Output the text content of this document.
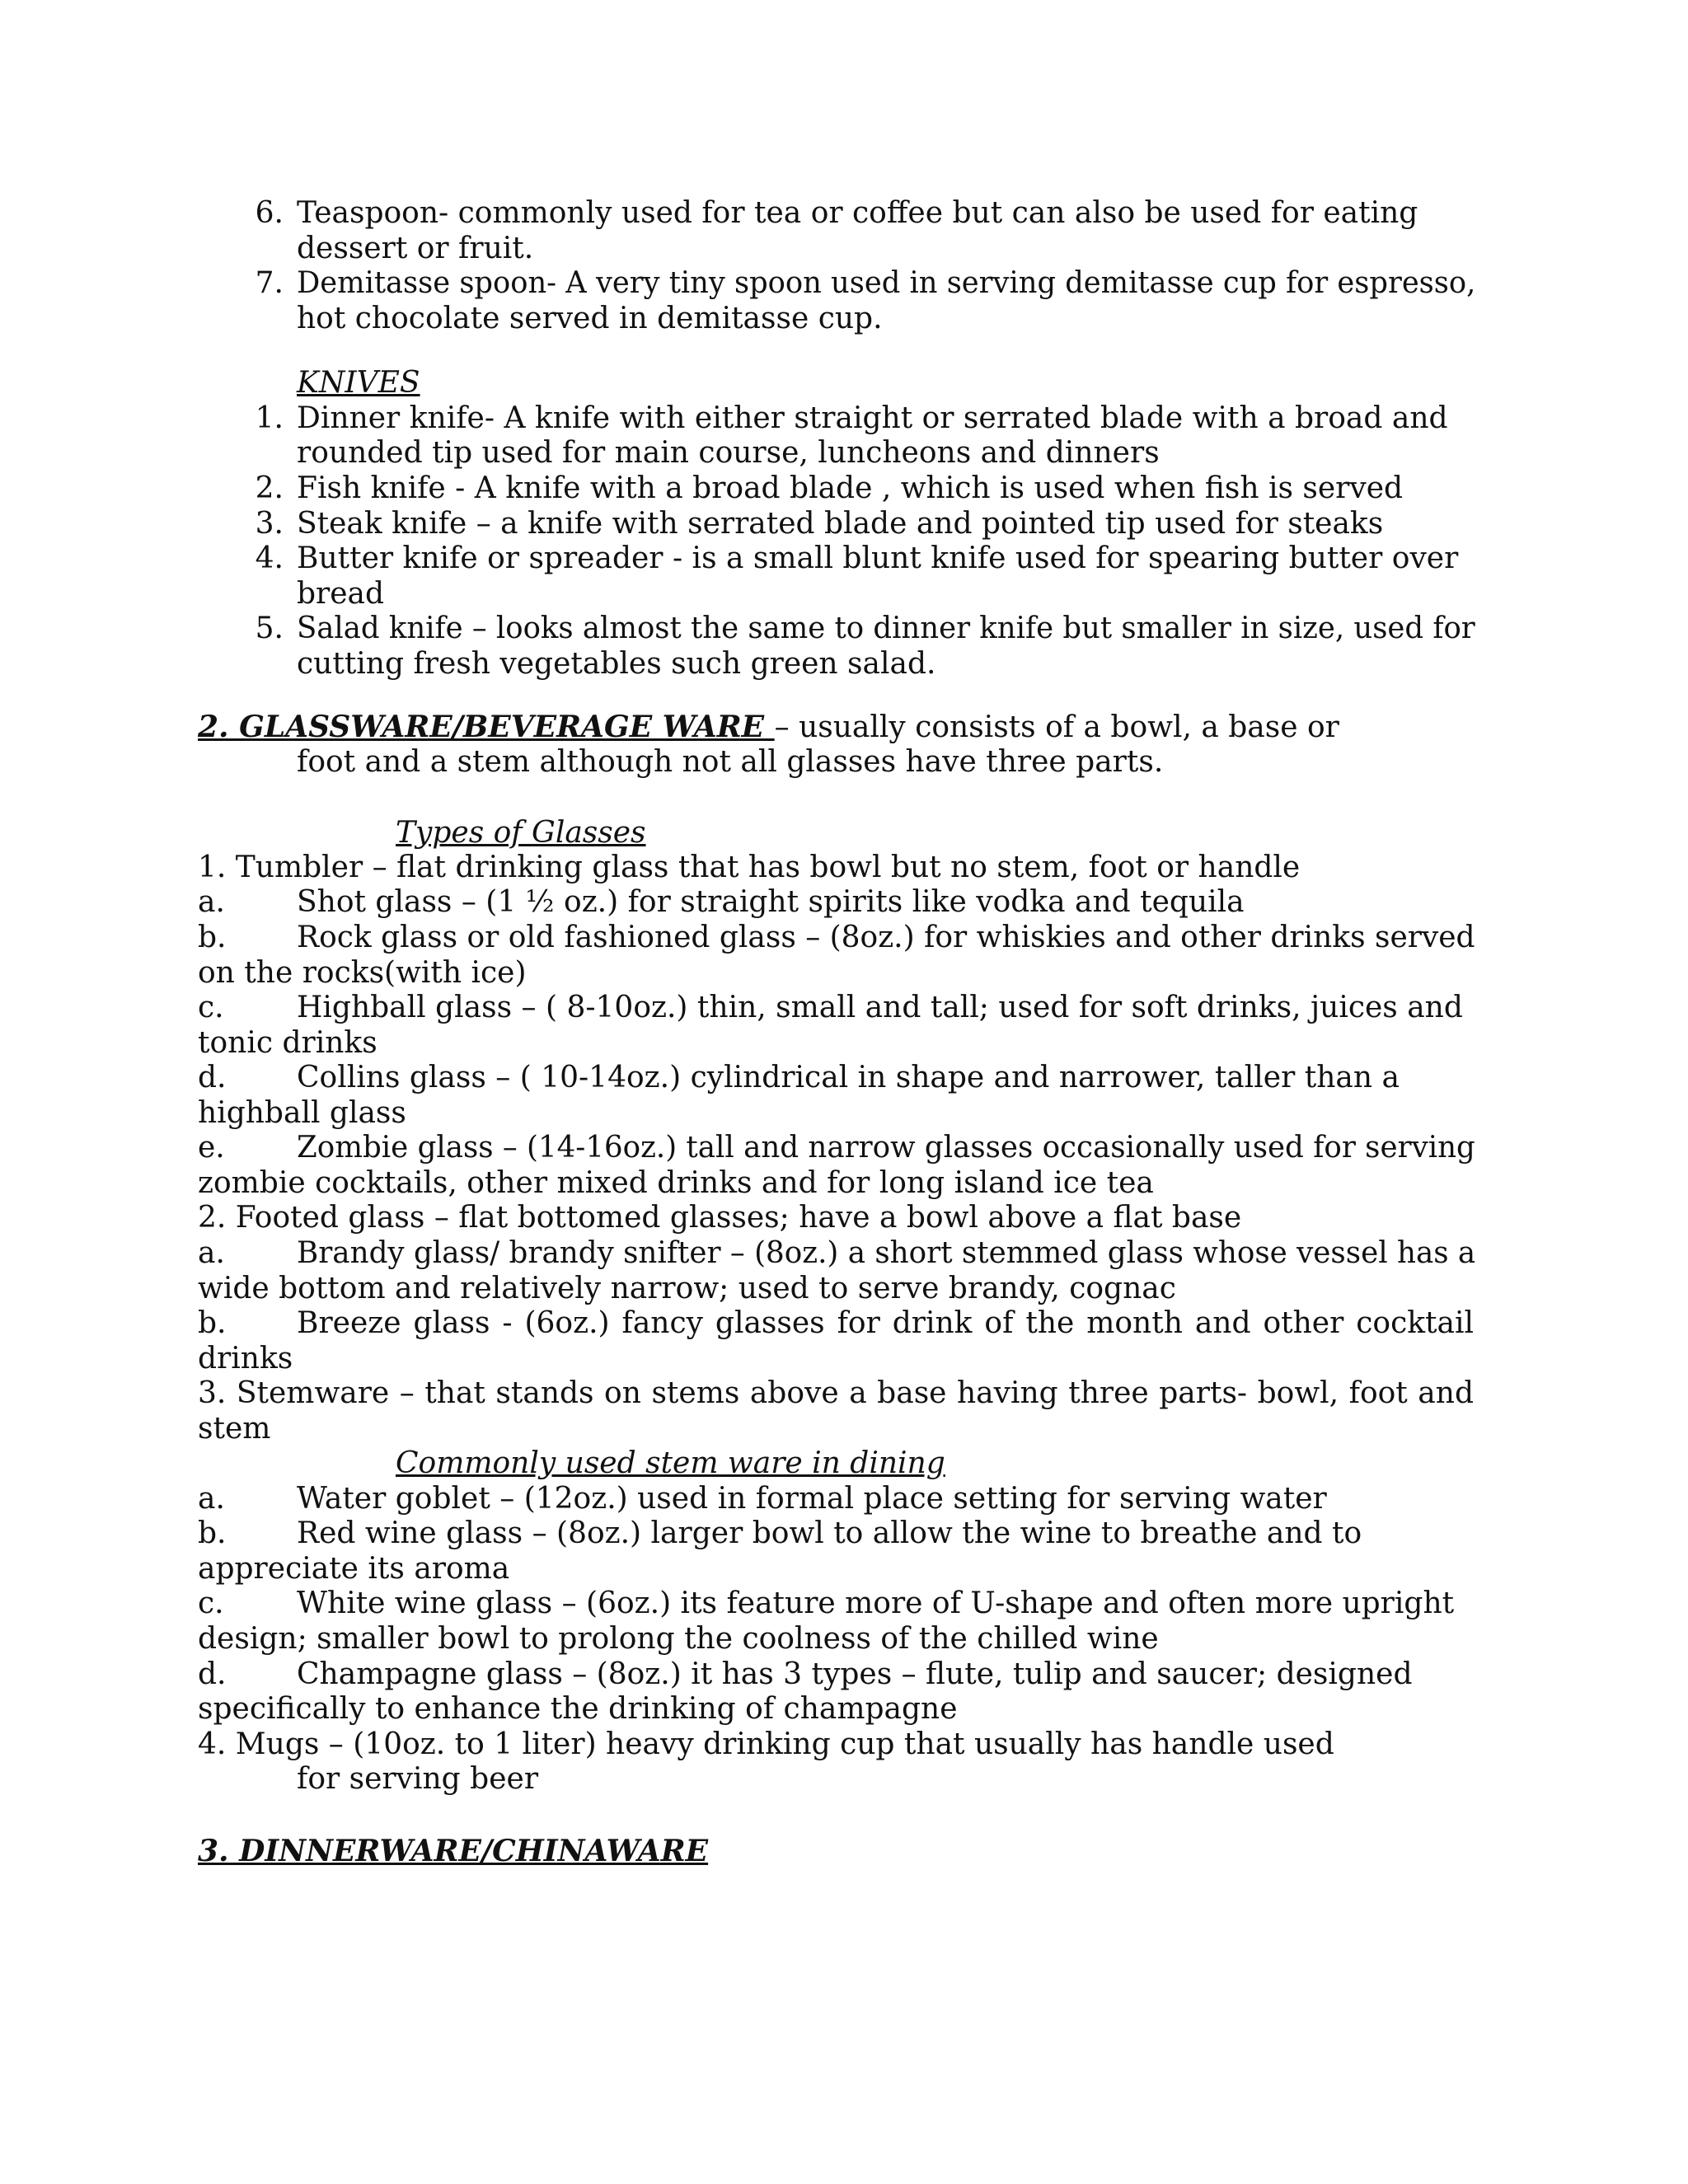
6. Teaspoon- commonly used for tea or coffee but can also be used for eating
dessert or fruit.
7. Demitasse spoon- A very tiny spoon used in serving demitasse cup for espresso,
hot chocolate served in demitasse cup.
KNIVES
1. Dinner knife- A knife with either straight or serrated blade with a broad and
rounded tip used for main course, luncheons and dinners
2. Fish knife - A knife with a broad blade , which is used when fish is served
3. Steak knife – a knife with serrated blade and pointed tip used for steaks
4. Butter knife or spreader - is a small blunt knife used for spearing butter over
bread
5. Salad knife – looks almost the same to dinner knife but smaller in size, used for
cutting fresh vegetables such green salad.
2. GLASSWARE/BEVERAGE WARE – usually consists of a bowl, a base or
foot and a stem although not all glasses have three parts.
Types of Glasses
1. Tumbler – flat drinking glass that has bowl but no stem, foot or handle
a. Shot glass – (1 ½ oz.) for straight spirits like vodka and tequila
b. Rock glass or old fashioned glass – (8oz.) for whiskies and other drinks served
on the rocks(with ice)
c. Highball glass – ( 8-10oz.) thin, small and tall; used for soft drinks, juices and
tonic drinks
d. Collins glass – ( 10-14oz.) cylindrical in shape and narrower, taller than a
highball glass
e. Zombie glass – (14-16oz.) tall and narrow glasses occasionally used for serving
zombie cocktails, other mixed drinks and for long island ice tea
2. Footed glass – flat bottomed glasses; have a bowl above a flat base
a. Brandy glass/ brandy snifter – (8oz.) a short stemmed glass whose vessel has a
wide bottom and relatively narrow; used to serve brandy, cognac
b. Breeze glass - (6oz.) fancy glasses for drink of the month and other cocktail
drinks
3. Stemware – that stands on stems above a base having three parts- bowl, foot and
stem
Commonly used stem ware in dining
a. Water goblet – (12oz.) used in formal place setting for serving water
b. Red wine glass – (8oz.) larger bowl to allow the wine to breathe and to
appreciate its aroma
c. White wine glass – (6oz.) its feature more of U-shape and often more upright
design; smaller bowl to prolong the coolness of the chilled wine
d. Champagne glass – (8oz.) it has 3 types – flute, tulip and saucer; designed
specifically to enhance the drinking of champagne
4. Mugs – (10oz. to 1 liter) heavy drinking cup that usually has handle used
for serving beer
3. DINNERWARE/CHINAWARE
